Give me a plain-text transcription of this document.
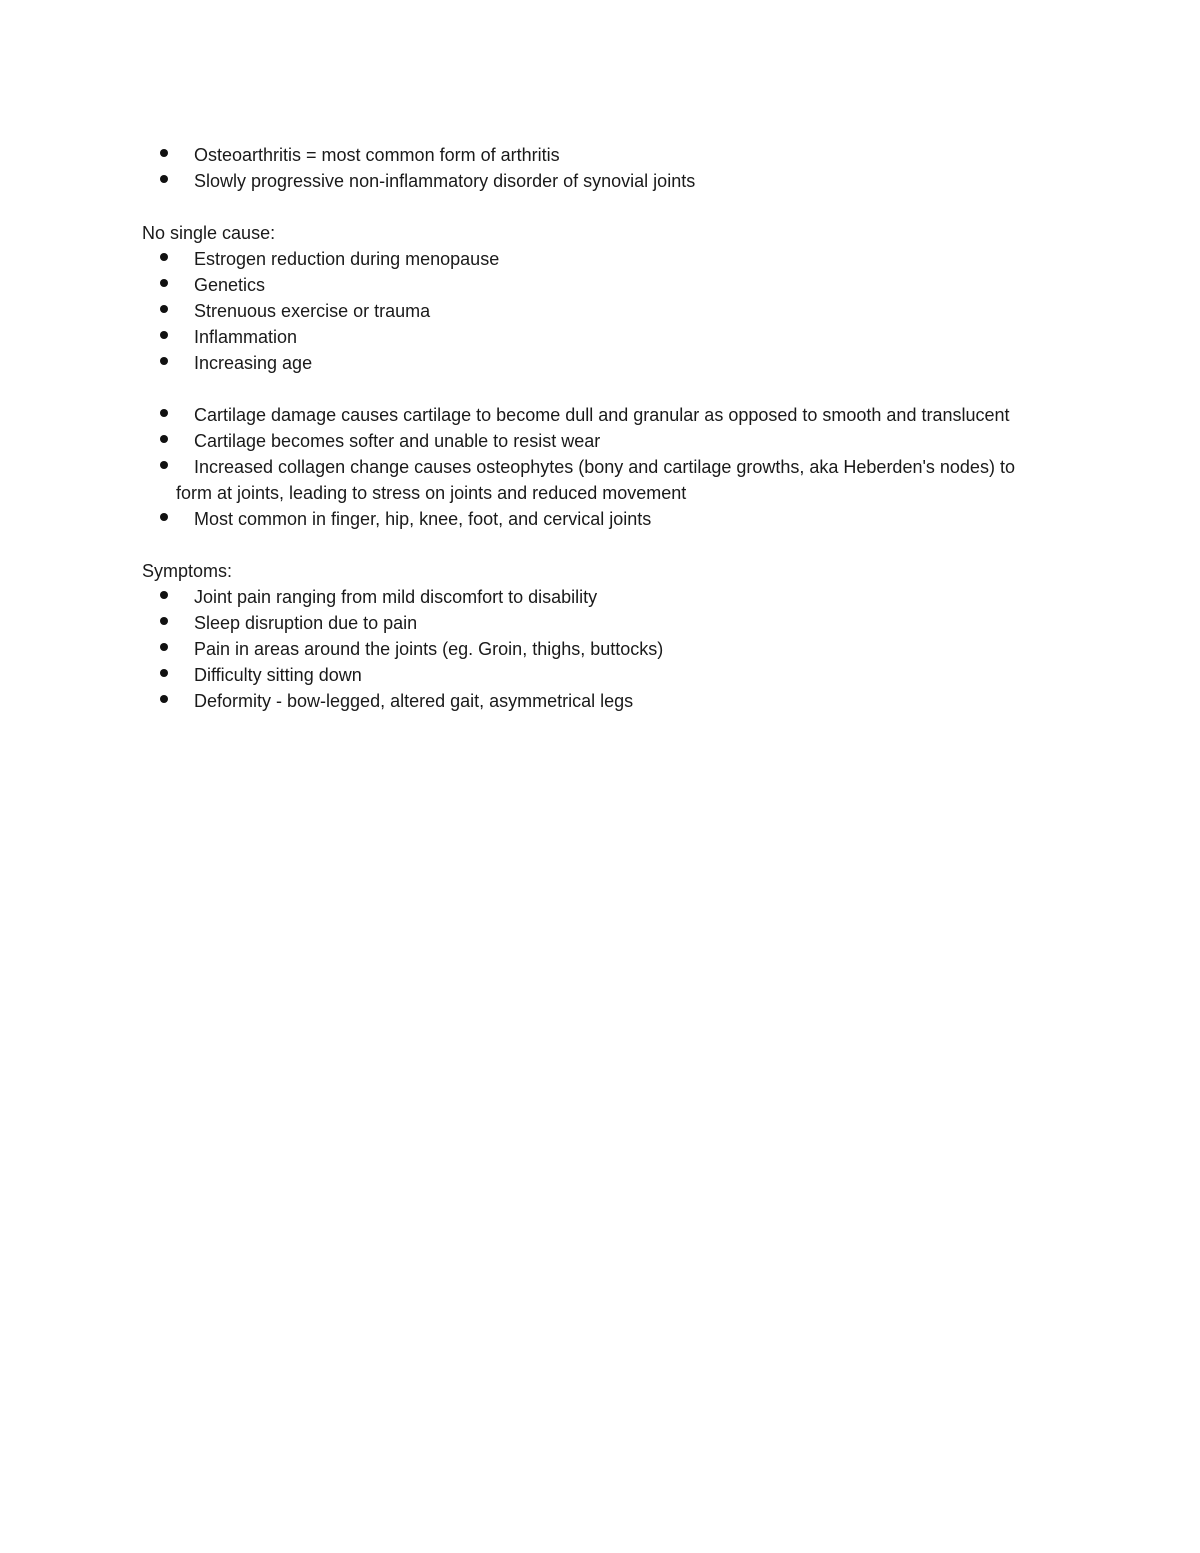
Osteoarthritis = most common form of arthritis
Slowly progressive non-inflammatory disorder of synovial joints

No single cause:

Estrogen reduction during menopause
Genetics
Strenuous exercise or trauma
Inflammation
Increasing age
Cartilage damage causes cartilage to become dull and granular as opposed to smooth and translucent
Cartilage becomes softer and unable to resist wear
Increased collagen change causes osteophytes (bony and cartilage growths, aka Heberden's nodes) to form at joints, leading to stress on joints and reduced movement
Most common in finger, hip, knee, foot, and cervical joints

Symptoms:

Joint pain ranging from mild discomfort to disability
Sleep disruption due to pain
Pain in areas around the joints (eg. Groin, thighs, buttocks)
Difficulty sitting down
Deformity - bow-legged, altered gait, asymmetrical legs
